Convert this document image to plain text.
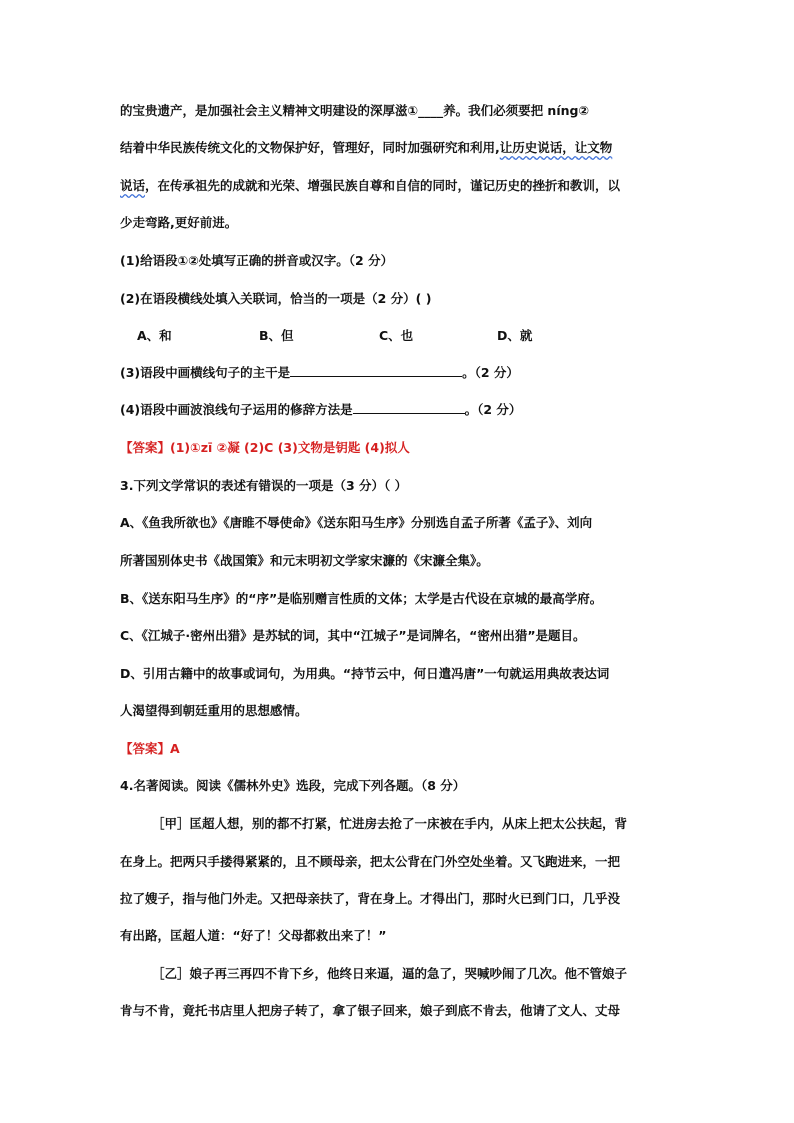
的宝贵遗产，是加强社会主义精神文明建设的深厚滋①____养。我们必须要把 níng②
结着中华民族传统文化的文物保护好，管理好，同时加强研究和利用,让历史说话，让文物
说话，在传承祖先的成就和光荣、增强民族自尊和自信的同时，谨记历史的挫折和教训，以
少走弯路,更好前进。
(1)给语段①②处填写正确的拼音或汉字。（2 分）
(2)在语段横线处填入关联词，恰当的一项是（2 分）( )
A、和	B、但	C、也	D、就
(3)语段中画横线句子的主干是	。（2 分）
(4)语段中画波浪线句子运用的修辞方法是	。（2 分）
【答案】(1)①zī ②凝 (2)C (3)文物是钥匙 (4)拟人
3.下列文学常识的表述有错误的一项是（3 分）（ ）
A、《鱼我所欲也》《唐睢不辱使命》《送东阳马生序》分别选自孟子所著《孟子》、刘向
所著国别体史书《战国策》和元末明初文学家宋濂的《宋濂全集》。
B、《送东阳马生序》的“序”是临别赠言性质的文体；太学是古代设在京城的最高学府。
C、《江城子·密州出猎》是苏轼的词，其中“江城子”是词牌名，“密州出猎”是题目。
D、引用古籍中的故事或词句，为用典。“持节云中，何日遣冯唐”一句就运用典故表达词
人渴望得到朝廷重用的思想感情。
【答案】A
4.名著阅读。阅读《儒林外史》选段，完成下列各题。（8 分）
［甲］匡超人想，别的都不打紧，忙进房去抢了一床被在手内，从床上把太公扶起，背
在身上。把两只手搂得紧紧的，且不顾母亲，把太公背在门外空处坐着。又飞跑进来，一把
拉了嫂子，指与他门外走。又把母亲扶了，背在身上。才得出门，那时火已到门口，几乎没
有出路，匡超人道：“好了！父母都救出来了！”
［乙］娘子再三再四不肯下乡，他终日来逼，逼的急了，哭喊吵闹了几次。他不管娘子
肯与不肯，竟托书店里人把房子转了，拿了银子回来，娘子到底不肯去，他请了文人、丈母
